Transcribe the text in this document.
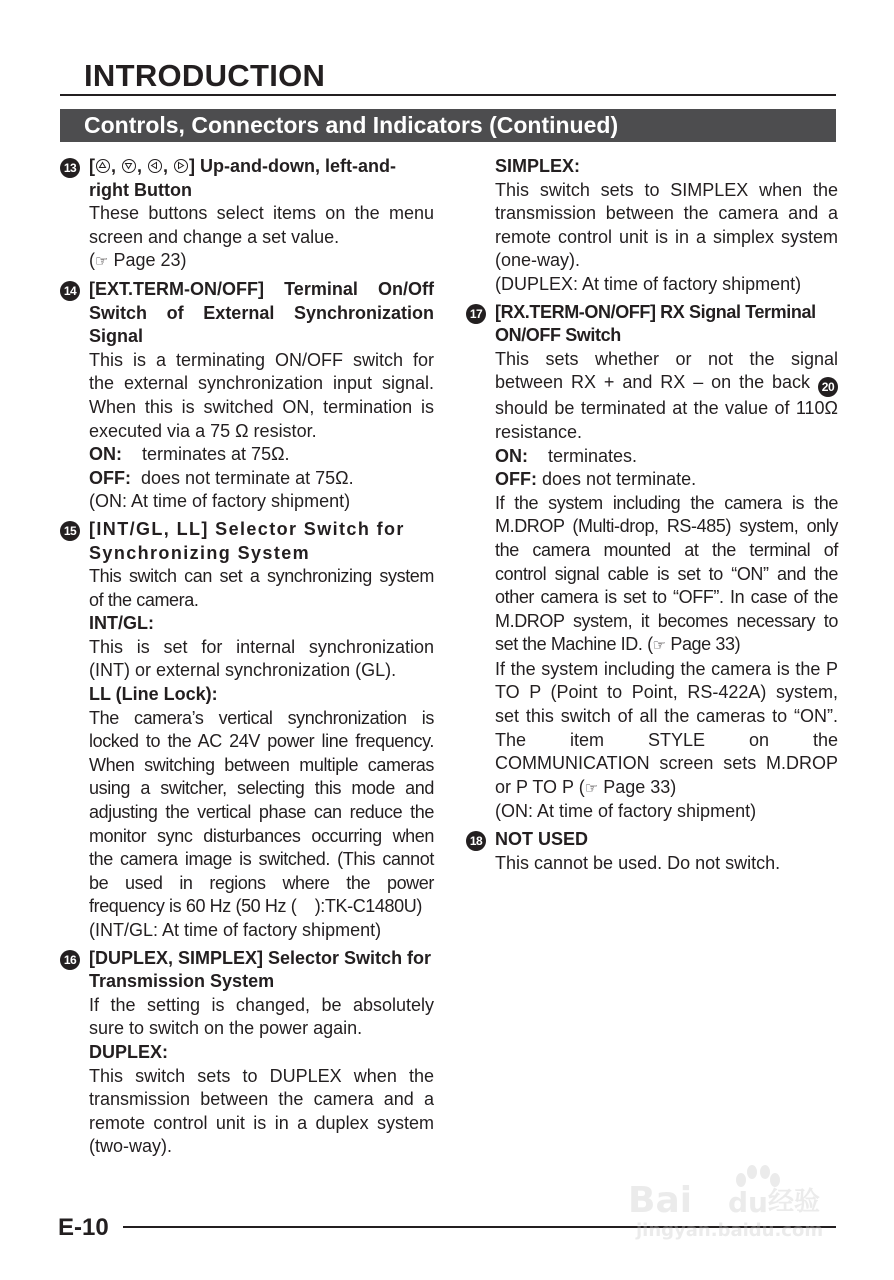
INTRODUCTION
Controls, Connectors and Indicators (Continued)
13 [ ,
,
,
] Up-and-down, left-and-right Button

These buttons select items on the menu screen and change a set value.

(☞ Page 23)

14 [EXT.TERM-ON/OFF] Terminal On/Off Switch of External Synchronization Signal

This is a terminating ON/OFF switch for the external synchronization input signal. When this is switched ON, termination is executed via a 75 Ω resistor.

ON: terminates at 75Ω.

OFF: does not terminate at 75Ω.

(ON: At time of factory shipment)

15 [INT/GL, LL] Selector Switch for Synchronizing System

This switch can set a synchronizing system of the camera.

INT/GL:

This is set for internal synchronization (INT) or external synchronization (GL).

LL (Line Lock):

The camera’s vertical synchronization is locked to the AC 24V power line frequency. When switching between multiple cameras using a switcher, selecting this mode and adjusting the vertical phase can reduce the monitor sync disturbances occurring when the camera image is switched. (This cannot be used in regions where the power frequency is 60 Hz (50 Hz ( ):TK-C1480U)

(INT/GL: At time of factory shipment)

16 [DUPLEX, SIMPLEX] Selector Switch for Transmission System

If the setting is changed, be absolutely sure to switch on the power again.

DUPLEX:

This switch sets to DUPLEX when the transmission between the camera and a remote control unit is in a duplex system (two-way).

SIMPLEX:

This switch sets to SIMPLEX when the transmission between the camera and a remote control unit is in a simplex system (one-way).

(DUPLEX: At time of factory shipment)

17 [RX.TERM-ON/OFF] RX Signal Terminal ON/OFF Switch

This sets whether or not the signal between RX + and RX – on the back 20 should be terminated at the value of 110Ω resistance.

ON: terminates.

OFF: does not terminate.

If the system including the camera is the M.DROP (Multi-drop, RS-485) system, only the camera mounted at the terminal of control signal cable is set to “ON” and the other camera is set to “OFF”. In case of the M.DROP system, it becomes necessary to set the Machine ID. (☞ Page 33)

If the system including the camera is the P TO P (Point to Point, RS-422A) system, set this switch of all the cameras to “ON”. The item STYLE on the COMMUNICATION screen sets M.DROP or P TO P (☞ Page 33)

(ON: At time of factory shipment)

18 NOT USED

This cannot be used. Do not switch.

E-10
Bai du 经验
jingyan.baidu.com
